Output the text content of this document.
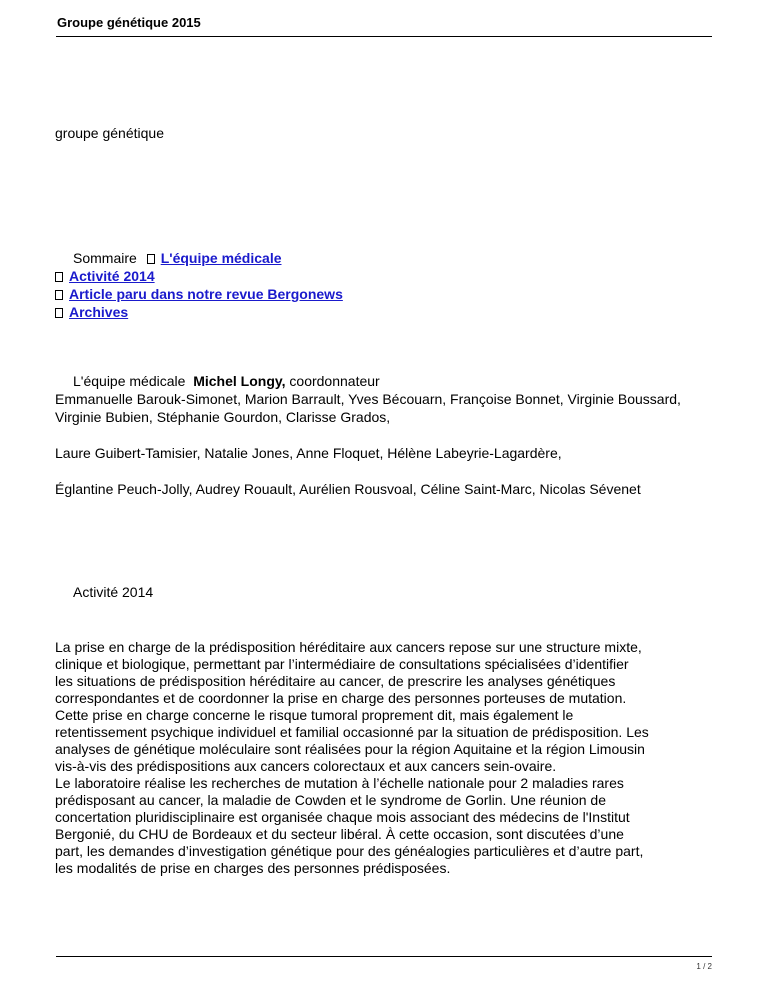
Groupe génétique 2015
groupe génétique
Sommaire L'équipe médicale
Activité 2014
Article paru dans notre revue Bergonews
Archives

L'équipe médicale Michel Longy, coordonnateur

Emmanuelle Barouk-Simonet, Marion Barrault, Yves Bécouarn, Françoise Bonnet, Virginie Boussard, Virginie Bubien, Stéphanie Gourdon, Clarisse Grados,

Laure Guibert-Tamisier, Natalie Jones, Anne Floquet, Hélène Labeyrie-Lagardère,

Églantine Peuch-Jolly, Audrey Rouault, Aurélien Rousvoal, Céline Saint-Marc, Nicolas Sévenet

Activité 2014
La prise en charge de la prédisposition héréditaire aux cancers repose sur une structure mixte,
clinique et biologique, permettant par l’intermédiaire de consultations spécialisées d’identifier
les situations de prédisposition héréditaire au cancer, de prescrire les analyses génétiques
correspondantes et de coordonner la prise en charge des personnes porteuses de mutation.
Cette prise en charge concerne le risque tumoral proprement dit, mais également le
retentissement psychique individuel et familial occasionné par la situation de prédisposition. Les
analyses de génétique moléculaire sont réalisées pour la région Aquitaine et la région Limousin
vis-à-vis des prédispositions aux cancers colorectaux et aux cancers sein-ovaire.
Le laboratoire réalise les recherches de mutation à l’échelle nationale pour 2 maladies rares
prédisposant au cancer, la maladie de Cowden et le syndrome de Gorlin. Une réunion de
concertation pluridisciplinaire est organisée chaque mois associant des médecins de l'Institut
Bergonié, du CHU de Bordeaux et du secteur libéral. À cette occasion, sont discutées d’une
part, les demandes d’investigation génétique pour des généalogies particulières et d’autre part,
les modalités de prise en charges des personnes prédisposées.
1 / 2
